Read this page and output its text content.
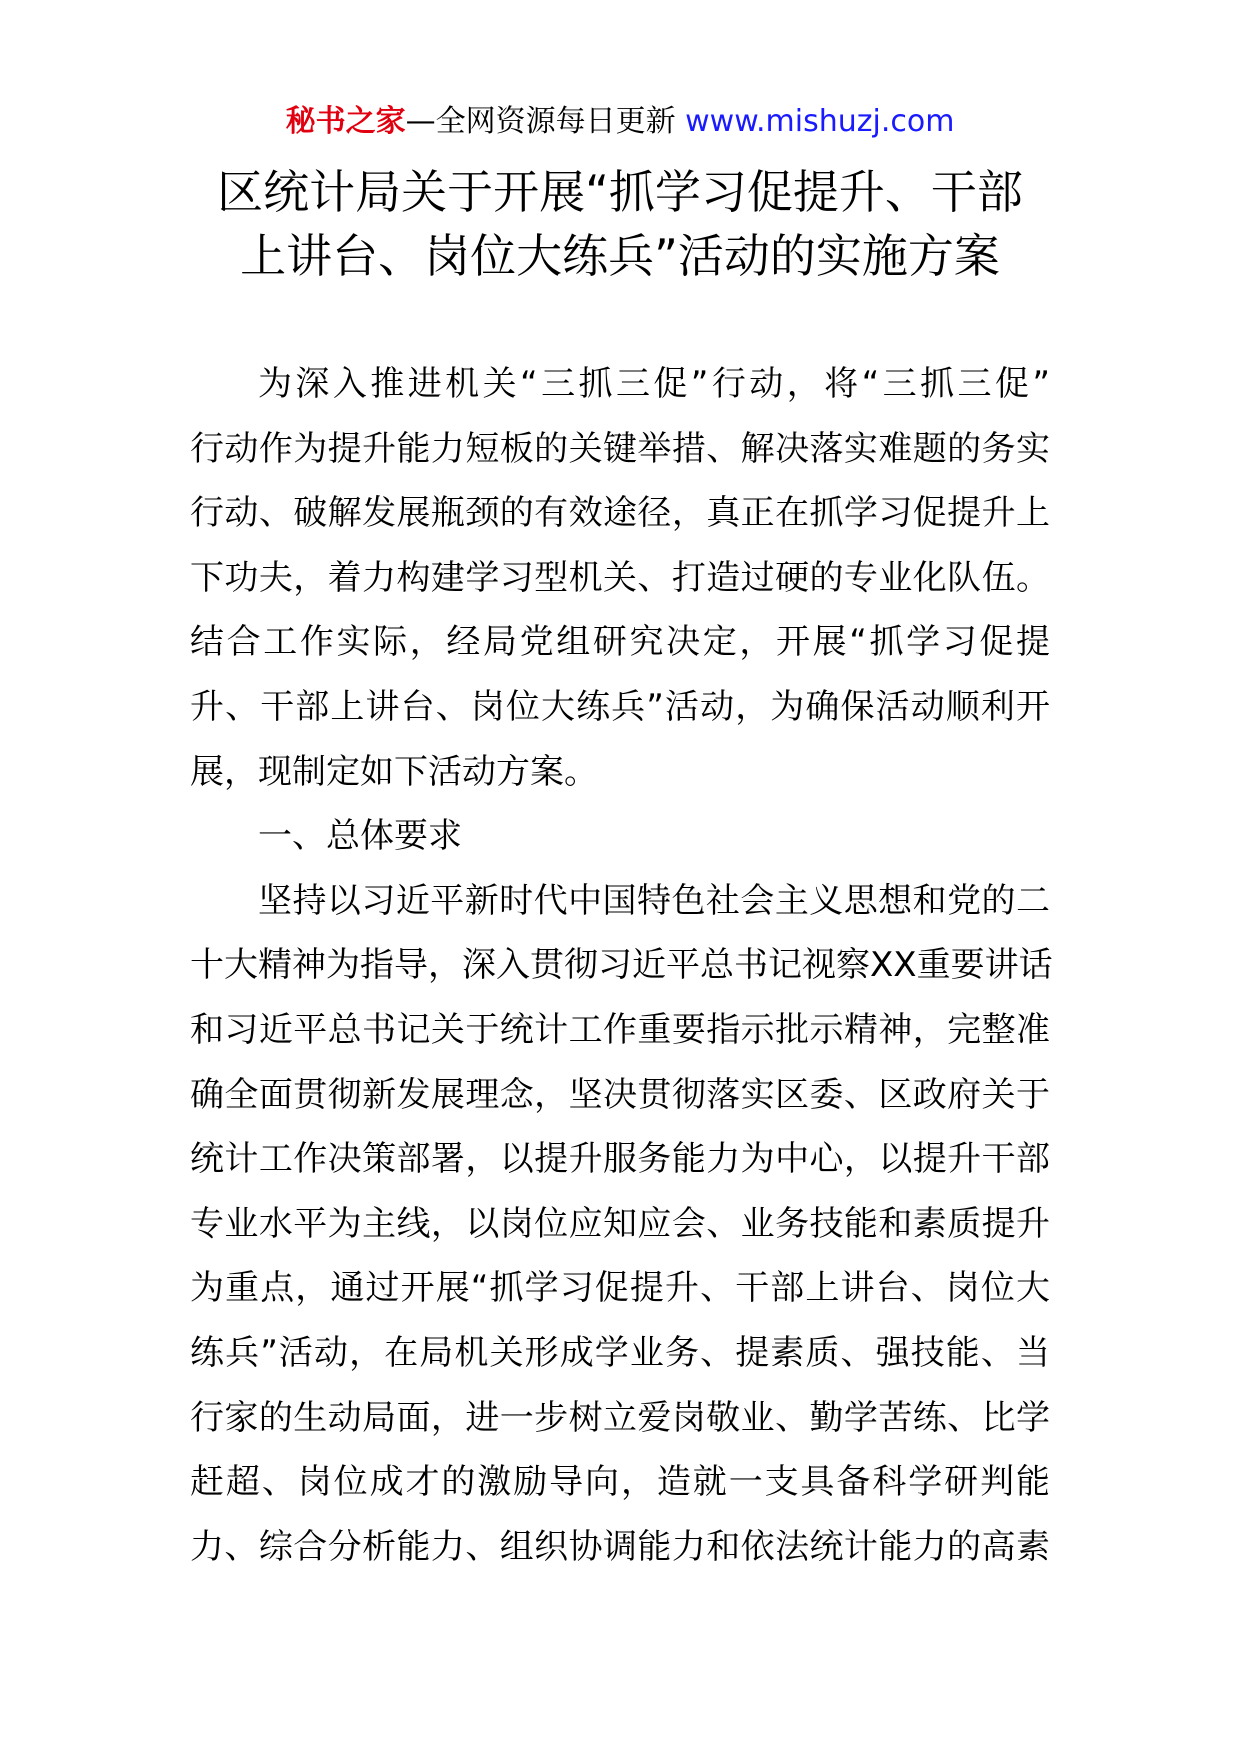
秘书之家—全网资源每日更新 www.mishuzj.com
区统计局关于开展“抓学习促提升、干部
上讲台、岗位大练兵”活动的实施方案
为深入推进机关“三抓三促”行动，将“三抓三促”
行动作为提升能力短板的关键举措、解决落实难题的务实
行动、破解发展瓶颈的有效途径，真正在抓学习促提升上
下功夫，着力构建学习型机关、打造过硬的专业化队伍。
结合工作实际，经局党组研究决定，开展“抓学习促提
升、干部上讲台、岗位大练兵”活动，为确保活动顺利开
展，现制定如下活动方案。
一、总体要求
坚持以习近平新时代中国特色社会主义思想和党的二
十大精神为指导，深入贯彻习近平总书记视察XX重要讲话
和习近平总书记关于统计工作重要指示批示精神，完整准
确全面贯彻新发展理念，坚决贯彻落实区委、区政府关于
统计工作决策部署，以提升服务能力为中心，以提升干部
专业水平为主线，以岗位应知应会、业务技能和素质提升
为重点，通过开展“抓学习促提升、干部上讲台、岗位大
练兵”活动，在局机关形成学业务、提素质、强技能、当
行家的生动局面，进一步树立爱岗敬业、勤学苦练、比学
赶超、岗位成才的激励导向，造就一支具备科学研判能
力、综合分析能力、组织协调能力和依法统计能力的高素
